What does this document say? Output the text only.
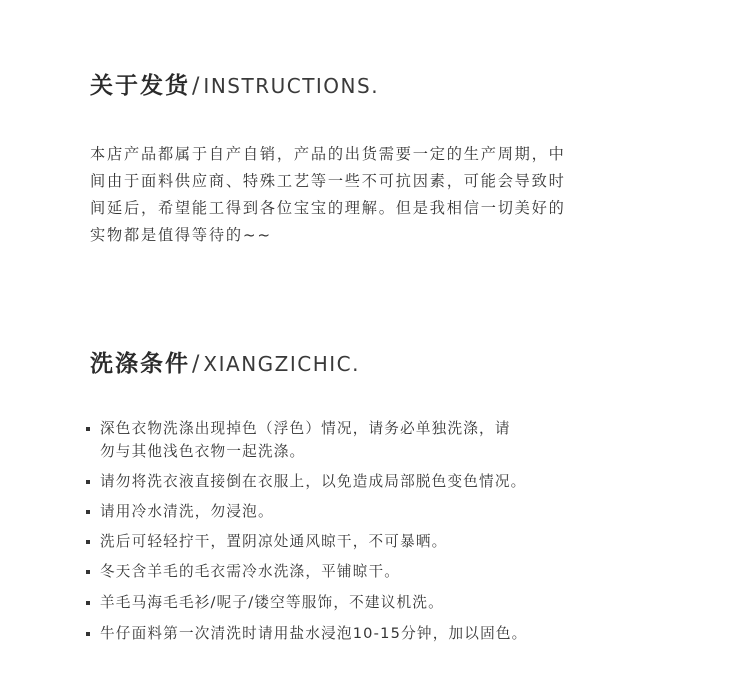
关于发货 / INSTRUCTIONS.

本店产品都属于自产自销，产品的出货需要一定的生产周期，中
间由于面料供应商、特殊工艺等一些不可抗因素，可能会导致时
间延后，希望能工得到各位宝宝的理解。但是我相信一切美好的
实物都是值得等待的~~

洗涤条件 / XIANGZICHIC.
深色衣物洗涤出现掉色（浮色）情况，请务必单独洗涤，请
勿与其他浅色衣物一起洗涤。
请勿将洗衣液直接倒在衣服上，以免造成局部脱色变色情况。
请用冷水清洗，勿浸泡。
洗后可轻轻拧干，置阴凉处通风晾干，不可暴晒。
冬天含羊毛的毛衣需冷水洗涤，平铺晾干。
羊毛马海毛毛衫/呢子/镂空等服饰，不建议机洗。
牛仔面料第一次清洗时请用盐水浸泡10-15分钟，加以固色。
